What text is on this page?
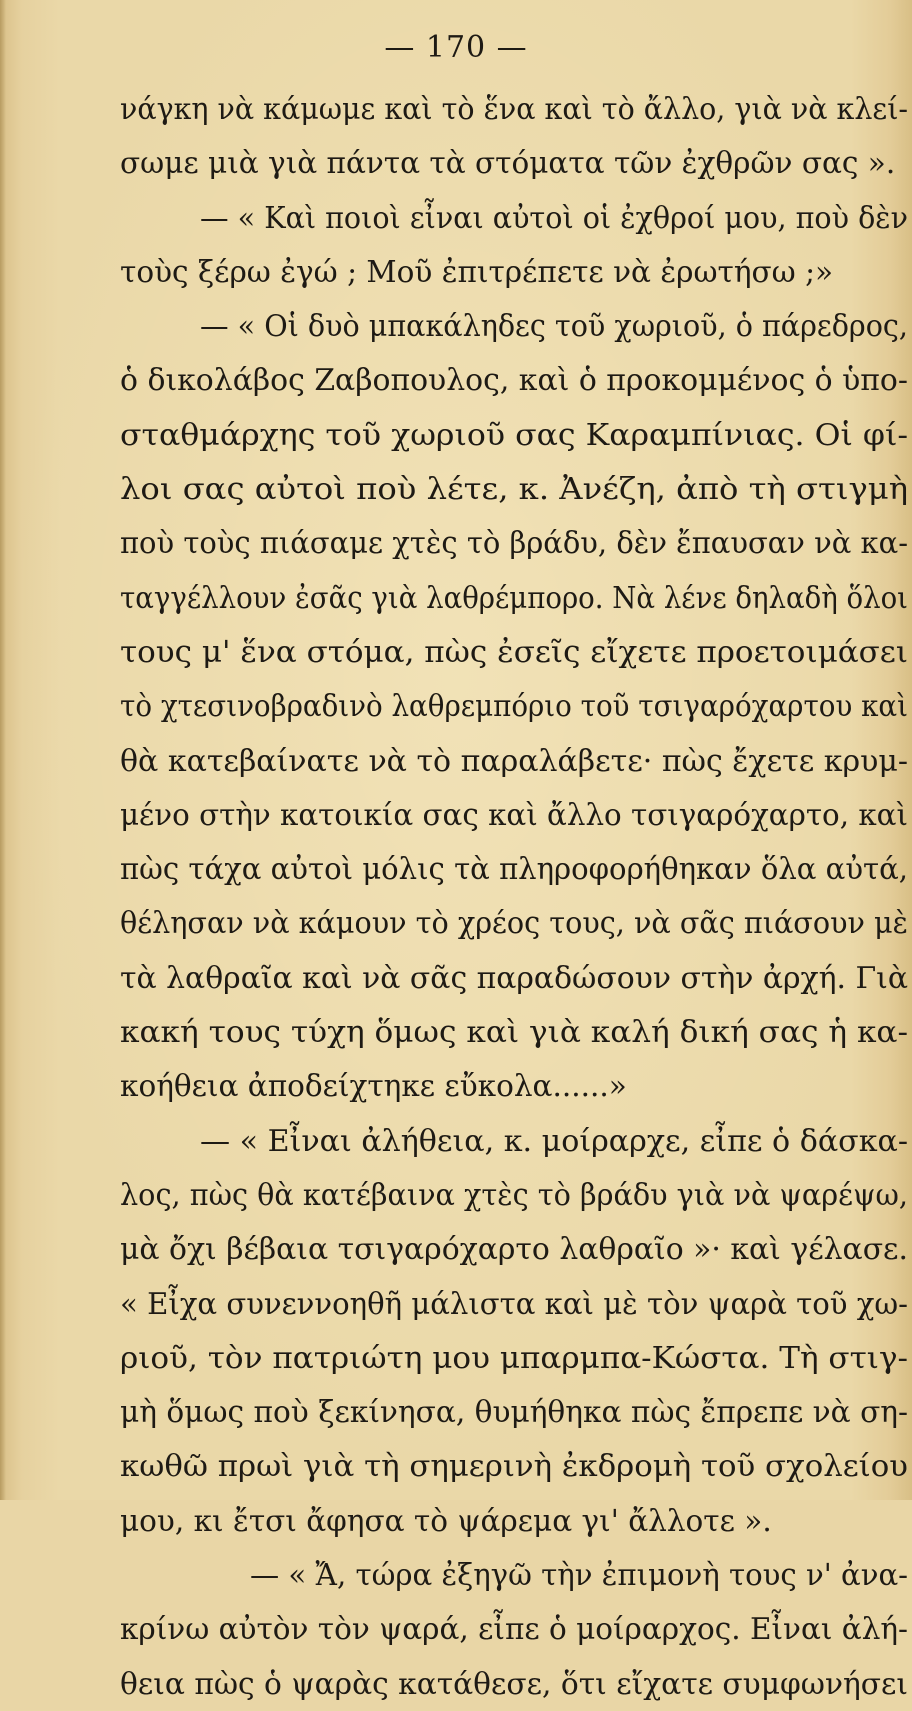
— 170 —
νάγκη νὰ κάμωμε καὶ τὸ ἕνα καὶ τὸ ἄλλο, γιὰ νὰ κλεί-
σωμε μιὰ γιὰ πάντα τὰ στόματα τῶν ἐχθρῶν σας ».
— « Καὶ ποιοὶ εἶναι αὐτοὶ οἱ ἐχθροί μου, ποὺ δὲν
τοὺς ξέρω ἐγώ ; Μοῦ ἐπιτρέπετε νὰ ἐρωτήσω ;»
— « Οἱ δυὸ μπακάληδες τοῦ χωριοῦ, ὁ πάρεδρος,
ὁ δικολάβος Ζαβοπουλος, καὶ ὁ προκομμένος ὁ ὑπο-
σταθμάρχης τοῦ χωριοῦ σας Καραμπίνιας. Οἱ φί-
λοι σας αὐτοὶ ποὺ λέτε, κ. Ἀνέζη, ἀπὸ τὴ στιγμὴ
ποὺ τοὺς πιάσαμε χτὲς τὸ βράδυ, δὲν ἔπαυσαν νὰ κα-
ταγγέλλουν ἐσᾶς γιὰ λαθρέμπορο. Νὰ λένε δηλαδὴ ὅλοι
τους μ' ἕνα στόμα, πὼς ἐσεῖς εἴχετε προετοιμάσει
τὸ χτεσινοβραδινὸ λαθρεμπόριο τοῦ τσιγαρόχαρτου καὶ
θὰ κατεβαίνατε νὰ τὸ παραλάβετε· πὼς ἔχετε κρυμ-
μένο στὴν κατοικία σας καὶ ἄλλο τσιγαρόχαρτο, καὶ
πὼς τάχα αὐτοὶ μόλις τὰ πληροφορήθηκαν ὅλα αὐτά,
θέλησαν νὰ κάμουν τὸ χρέος τους, νὰ σᾶς πιάσουν μὲ
τὰ λαθραῖα καὶ νὰ σᾶς παραδώσουν στὴν ἀρχή. Γιὰ
κακή τους τύχη ὅμως καὶ γιὰ καλή δική σας ἡ κα-
κοήθεια ἀποδείχτηκε εὔκολα......»
— « Εἶναι ἀλήθεια, κ. μοίραρχε, εἶπε ὁ δάσκα-
λος, πὼς θὰ κατέβαινα χτὲς τὸ βράδυ γιὰ νὰ ψαρέψω,
μὰ ὄχι βέβαια τσιγαρόχαρτο λαθραῖο »· καὶ γέλασε.
« Εἶχα συνεννοηθῆ μάλιστα καὶ μὲ τὸν ψαρὰ τοῦ χω-
ριοῦ, τὸν πατριώτη μου μπαρμπα-Κώστα. Τὴ στιγ-
μὴ ὅμως ποὺ ξεκίνησα, θυμήθηκα πὼς ἔπρεπε νὰ ση-
κωθῶ πρωὶ γιὰ τὴ σημερινὴ ἐκδρομὴ τοῦ σχολείου
μου, κι ἔτσι ἄφησα τὸ ψάρεμα γι' ἄλλοτε ».
— « Ἄ, τώρα ἐξηγῶ τὴν ἐπιμονὴ τους ν' ἀνα-
κρίνω αὐτὸν τὸν ψαρά, εἶπε ὁ μοίραρχος. Εἶναι ἀλή-
θεια πὼς ὁ ψαρὰς κατάθεσε, ὅτι εἴχατε συμφωνήσει
